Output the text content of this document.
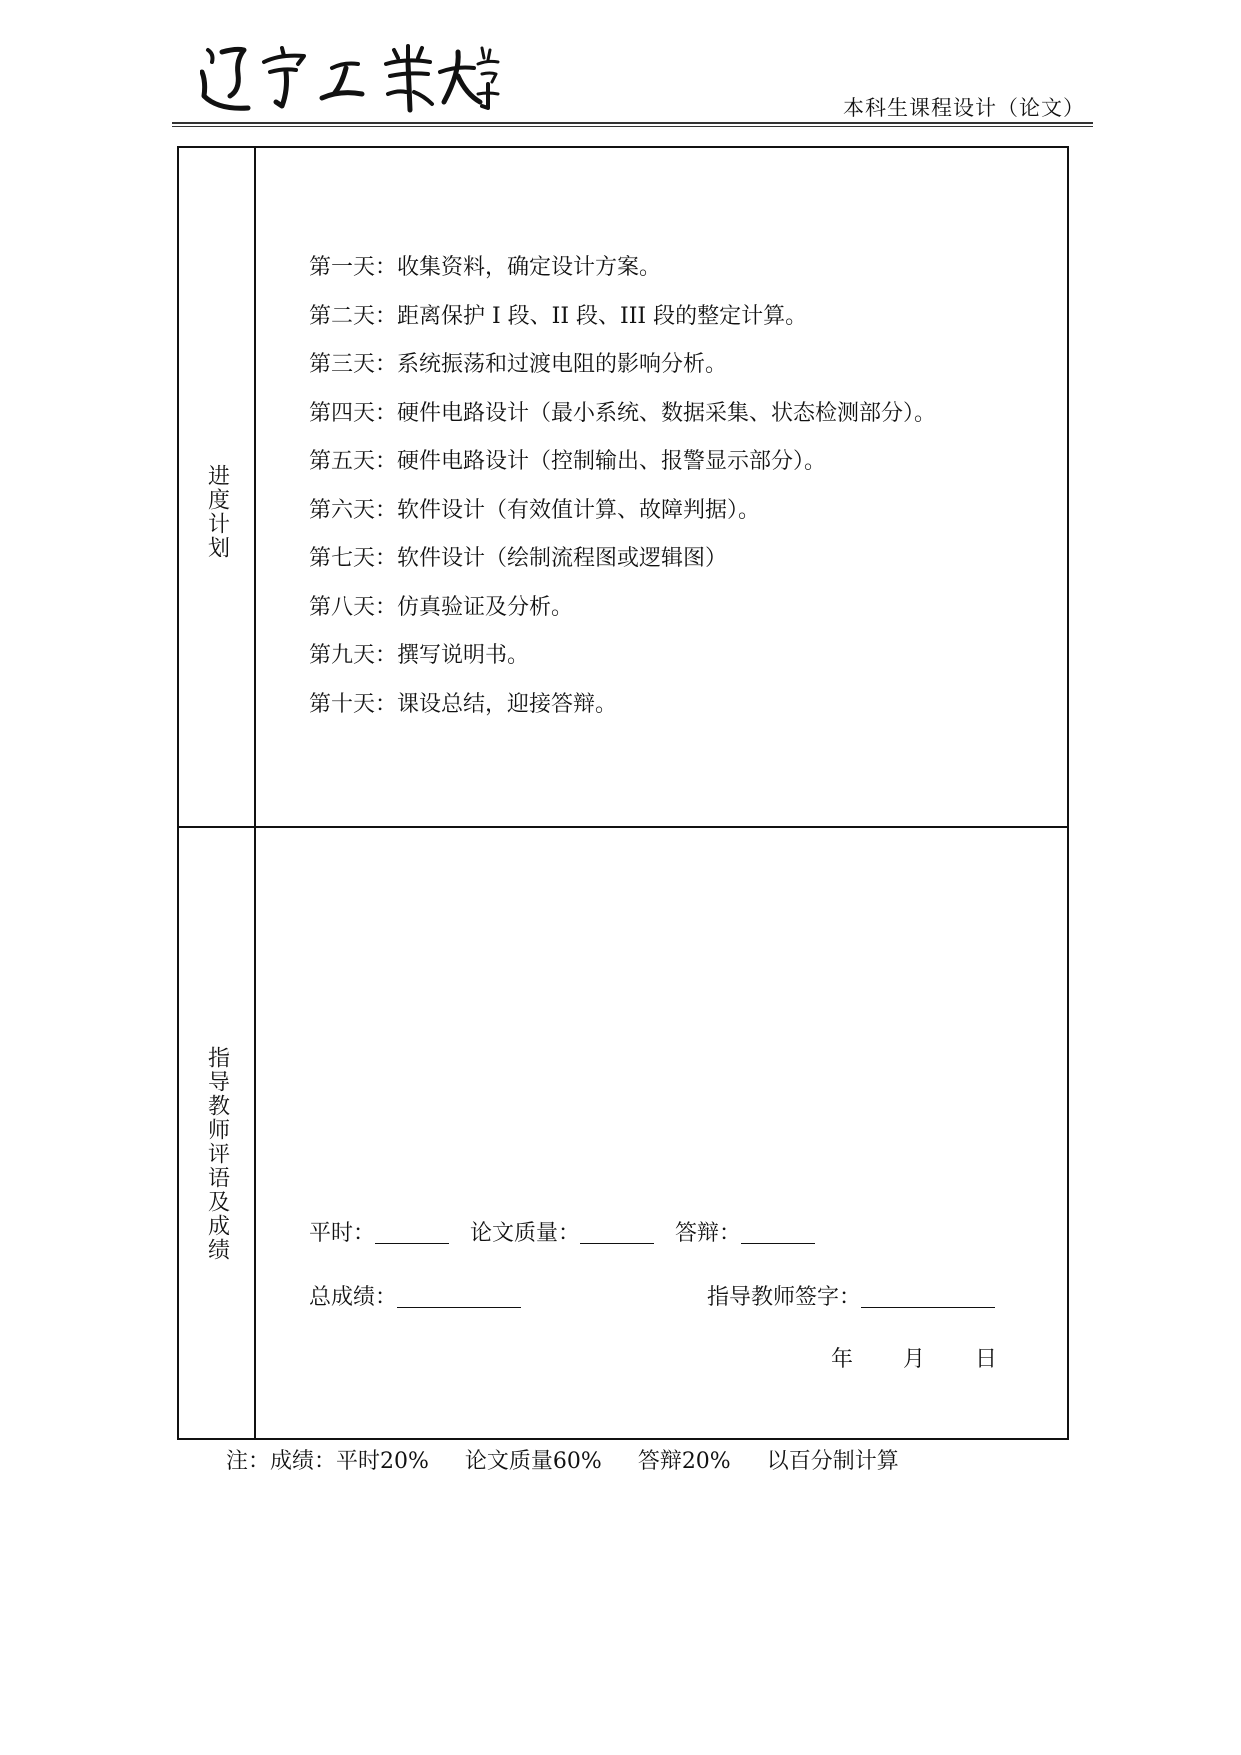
本科生课程设计（论文）
进度计划
第一天：收集资料，确定设计方案。
第二天：距离保护 I 段、II 段、III 段的整定计算。
第三天：系统振荡和过渡电阻的影响分析。
第四天：硬件电路设计（最小系统、数据采集、状态检测部分）。
第五天：硬件电路设计（控制输出、报警显示部分）。
第六天：软件设计（有效值计算、故障判据）。
第七天：软件设计（绘制流程图或逻辑图）
第八天：仿真验证及分析。
第九天：撰写说明书。
第十天：课设总结，迎接答辩。
指导教师评语及成绩	平时：	论文质量：	答辩：
总成绩：	指导教师签字：
年 月 日
注：成绩：平时20% 论文质量60% 答辩20% 以百分制计算
